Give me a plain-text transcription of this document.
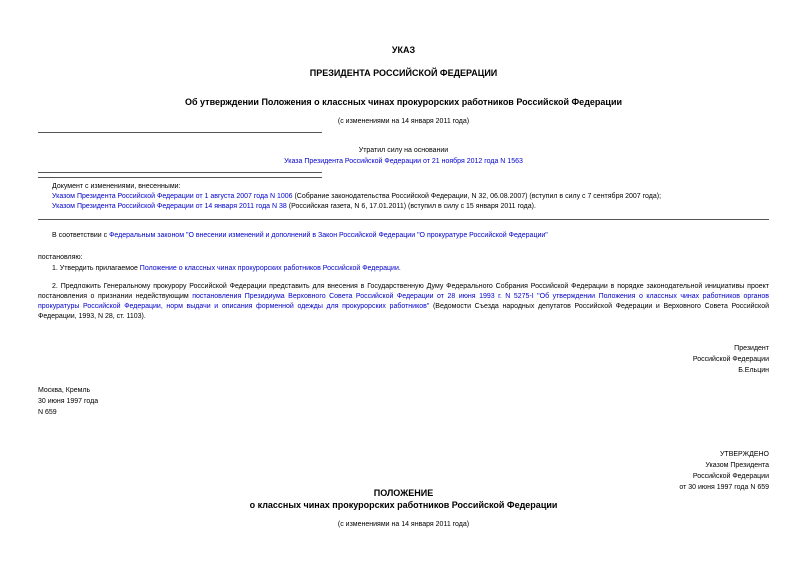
УКАЗ
ПРЕЗИДЕНТА РОССИЙСКОЙ ФЕДЕРАЦИИ
Об утверждении Положения о классных чинах прокурорских работников Российской Федерации
(с изменениями на 14 января 2011 года)
Утратил силу на основании
Указа Президента Российской Федерации от 21 ноября 2012 года N 1563

Документ с изменениями, внесенными:

Указом Президента Российской Федерации от 1 августа 2007 года N 1006 (Собрание законодательства Российской Федерации, N 32, 06.08.2007) (вступил в силу с 7 сентября 2007 года);

Указом Президента Российской Федерации от 14 января 2011 года N 38 (Российская газета, N 6, 17.01.2011) (вступил в силу с 15 января 2011 года).

В соответствии с Федеральным законом "О внесении изменений и дополнений в Закон Российской Федерации "О прокуратуре Российской Федерации"
постановляю:
1. Утвердить прилагаемое Положение о классных чинах прокурорских работников Российской Федерации.
2. Предложить Генеральному прокурору Российской Федерации представить для внесения в Государственную Думу Федерального Собрания Российской Федерации в порядке законодательной инициативы проект постановления о признании недействующим постановления Президиума Верховного Совета Российской Федерации от 28 июня 1993 г. N 5275-I "Об утверждении Положения о классных чинах работников органов прокуратуры Российской Федерации, норм выдачи и описания форменной одежды для прокурорских работников" (Ведомости Съезда народных депутатов Российской Федерации и Верховного Совета Российской Федерации, 1993, N 28, ст. 1103).

Президент

Российской Федерации

Б.Ельцин

Москва, Кремль

30 июня 1997 года

N 659

УТВЕРЖДЕНО

Указом Президента

Российской Федерации

от 30 июня 1997 года N 659

ПОЛОЖЕНИЕ
о классных чинах прокурорских работников Российской Федерации
(с изменениями на 14 января 2011 года)
